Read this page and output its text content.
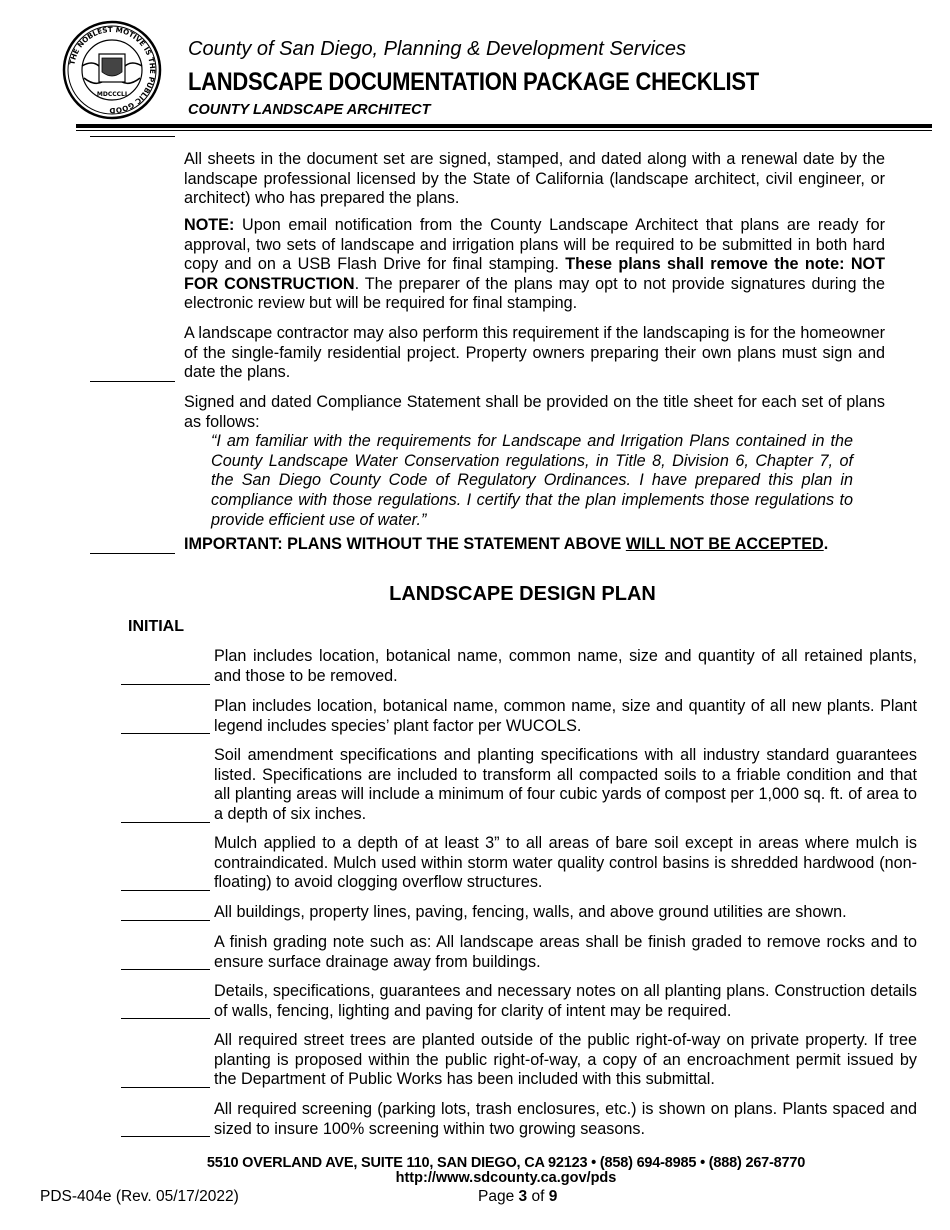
THE NOBLEST MOTIVE IS THE PUBLIC GOOD
MDCCCLI
County of San Diego, Planning & Development Services
LANDSCAPE DOCUMENTATION PACKAGE CHECKLIST
COUNTY LANDSCAPE ARCHITECT
All sheets in the document set are signed, stamped, and dated along with a renewal date by the landscape professional licensed by the State of California (landscape architect, civil engineer, or architect) who has prepared the plans.
NOTE: Upon email notification from the County Landscape Architect that plans are ready for approval, two sets of landscape and irrigation plans will be required to be submitted in both hard copy and on a USB Flash Drive for final stamping. These plans shall remove the note: NOT FOR CONSTRUCTION. The preparer of the plans may opt to not provide signatures during the electronic review but will be required for final stamping.
A landscape contractor may also perform this requirement if the landscaping is for the homeowner of the single-family residential project. Property owners preparing their own plans must sign and date the plans.
Signed and dated Compliance Statement shall be provided on the title sheet for each set of plans as follows:
“I am familiar with the requirements for Landscape and Irrigation Plans contained in the County Landscape Water Conservation regulations, in Title 8, Division 6, Chapter 7, of the San Diego County Code of Regulatory Ordinances. I have prepared this plan in compliance with those regulations. I certify that the plan implements those regulations to provide efficient use of water.”
IMPORTANT: PLANS WITHOUT THE STATEMENT ABOVE WILL NOT BE ACCEPTED.
LANDSCAPE DESIGN PLAN
INITIAL
Plan includes location, botanical name, common name, size and quantity of all retained plants, and those to be removed.
Plan includes location, botanical name, common name, size and quantity of all new plants. Plant legend includes species’ plant factor per WUCOLS.
Soil amendment specifications and planting specifications with all industry standard guarantees listed. Specifications are included to transform all compacted soils to a friable condition and that all planting areas will include a minimum of four cubic yards of compost per 1,000 sq. ft. of area to a depth of six inches.
Mulch applied to a depth of at least 3” to all areas of bare soil except in areas where mulch is contraindicated. Mulch used within storm water quality control basins is shredded hardwood (non-floating) to avoid clogging overflow structures.
All buildings, property lines, paving, fencing, walls, and above ground utilities are shown.
A finish grading note such as: All landscape areas shall be finish graded to remove rocks and to ensure surface drainage away from buildings.
Details, specifications, guarantees and necessary notes on all planting plans. Construction details of walls, fencing, lighting and paving for clarity of intent may be required.
All required street trees are planted outside of the public right-of-way on private property. If tree planting is proposed within the public right-of-way, a copy of an encroachment permit issued by the Department of Public Works has been included with this submittal.
All required screening (parking lots, trash enclosures, etc.) is shown on plans. Plants spaced and sized to insure 100% screening within two growing seasons.
5510 OVERLAND AVE, SUITE 110, SAN DIEGO, CA 92123 • (858) 694-8985 • (888) 267-8770
http://www.sdcounty.ca.gov/pds
PDS-404e (Rev. 05/17/2022)	Page 3 of 9
